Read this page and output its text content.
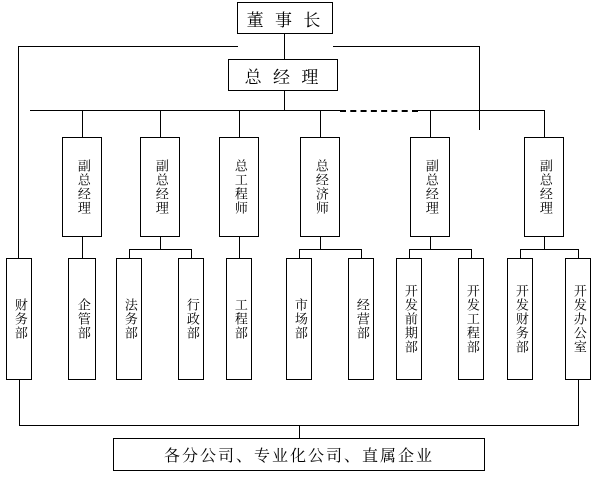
董 事 长
总 经 理
副总经理	副总经理	总工程师	总经济师	副总经理	副总经理
财务部	企管部 法务部	行政部	工程部	市场部	经营部	开发前期部	开发工程部	开发财务部	开发办公室
各分公司、专业化公司、直属企业
